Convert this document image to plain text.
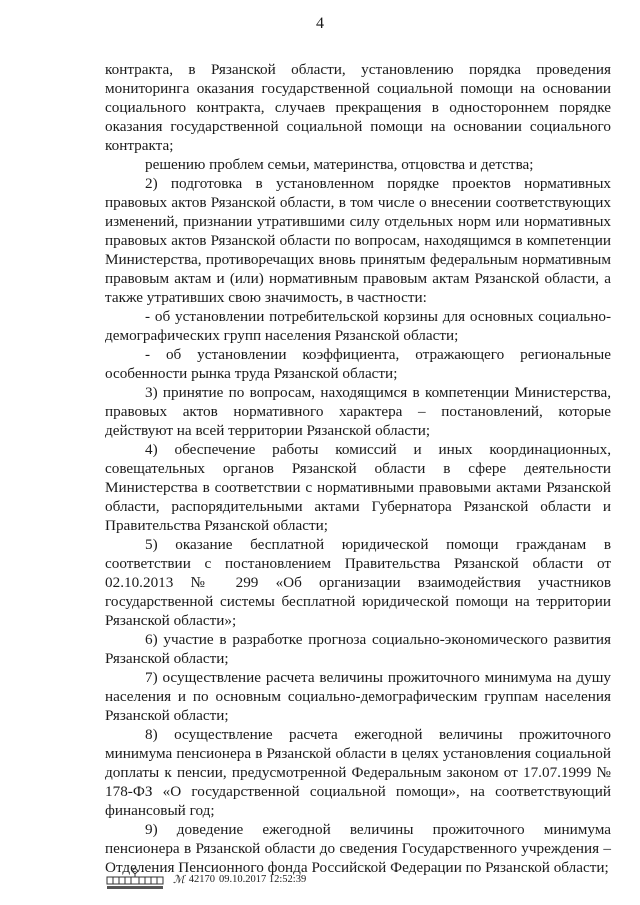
4

контракта, в Рязанской области, установлению порядка проведения мониторинга оказания государственной социальной помощи на основании социального контракта, случаев прекращения в одностороннем порядке оказания государственной социальной помощи на основании социального контракта;

решению проблем семьи, материнства, отцовства и детства;

2) подготовка в установленном порядке проектов нормативных правовых актов Рязанской области, в том числе о внесении соответствующих изменений, признании утратившими силу отдельных норм или нормативных правовых актов Рязанской области по вопросам, находящимся в компетенции Министерства, противоречащих вновь принятым федеральным нормативным правовым актам и (или) нормативным правовым актам Рязанской области, а также утративших свою значимость, в частности:

- об установлении потребительской корзины для основных социально-демографических групп населения Рязанской области;

- об установлении коэффициента, отражающего региональные особенности рынка труда Рязанской области;

3) принятие по вопросам, находящимся в компетенции Министерства, правовых актов нормативного характера – постановлений, которые действуют на всей территории Рязанской области;

4) обеспечение работы комиссий и иных координационных, совещательных органов Рязанской области в сфере деятельности Министерства в соответствии с нормативными правовыми актами Рязанской области, распорядительными актами Губернатора Рязанской области и Правительства Рязанской области;

5) оказание бесплатной юридической помощи гражданам в соответствии с постановлением Правительства Рязанской области от 02.10.2013 № 299 «Об организации взаимодействия участников государственной системы бесплатной юридической помощи на территории Рязанской области»;

6) участие в разработке прогноза социально-экономического развития Рязанской области;

7) осуществление расчета величины прожиточного минимума на душу населения и по основным социально-демографическим группам населения Рязанской области;

8) осуществление расчета ежегодной величины прожиточного минимума пенсионера в Рязанской области в целях установления социальной доплаты к пенсии, предусмотренной Федеральным законом от 17.07.1999 № 178-ФЗ «О государственной социальной помощи», на соответствующий финансовый год;

9) доведение ежегодной величины прожиточного минимума пенсионера в Рязанской области до сведения Государственного учреждения – Отделения Пенсионного фонда Российской Федерации по Рязанской области;

ℳ 42170 09.10.2017 12:52:39
